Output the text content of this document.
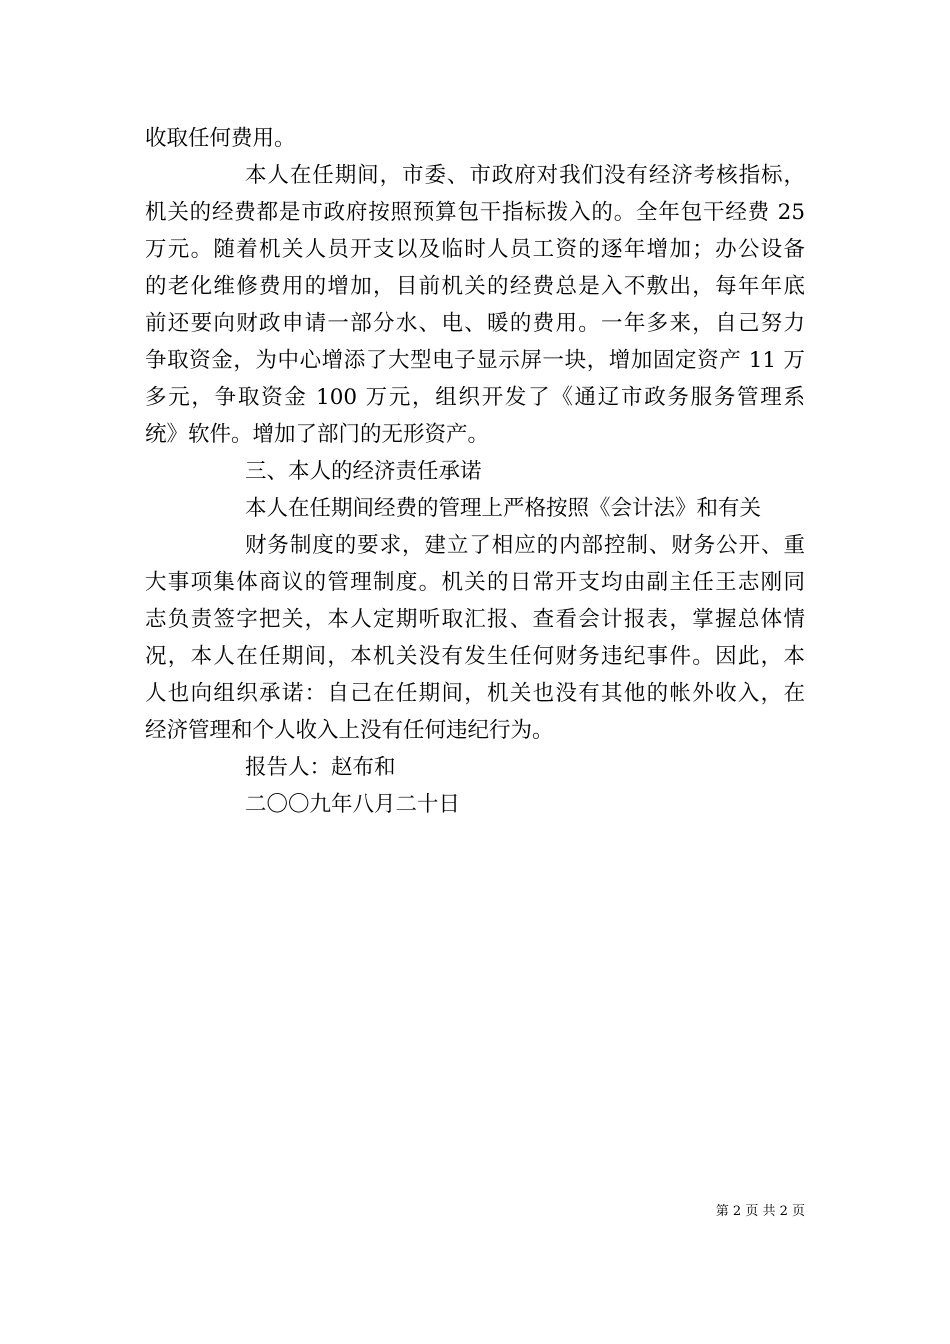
收取任何费用。
本人在任期间，市委、市政府对我们没有经济考核指标，
机关的经费都是市政府按照预算包干指标拨入的。全年包干经费 25
万元。随着机关人员开支以及临时人员工资的逐年增加；办公设备
的老化维修费用的增加，目前机关的经费总是入不敷出，每年年底
前还要向财政申请一部分水、电、暖的费用。一年多来，自己努力
争取资金，为中心增添了大型电子显示屏一块，增加固定资产 11 万
多元，争取资金 100 万元，组织开发了《通辽市政务服务管理系
统》软件。增加了部门的无形资产。
三、本人的经济责任承诺
本人在任期间经费的管理上严格按照《会计法》和有关
财务制度的要求，建立了相应的内部控制、财务公开、重
大事项集体商议的管理制度。机关的日常开支均由副主任王志刚同
志负责签字把关，本人定期听取汇报、查看会计报表，掌握总体情
况，本人在任期间，本机关没有发生任何财务违纪事件。因此，本
人也向组织承诺：自己在任期间，机关也没有其他的帐外收入，在
经济管理和个人收入上没有任何违纪行为。
报告人：赵布和
二〇〇九年八月二十日
第 2 页 共 2 页
